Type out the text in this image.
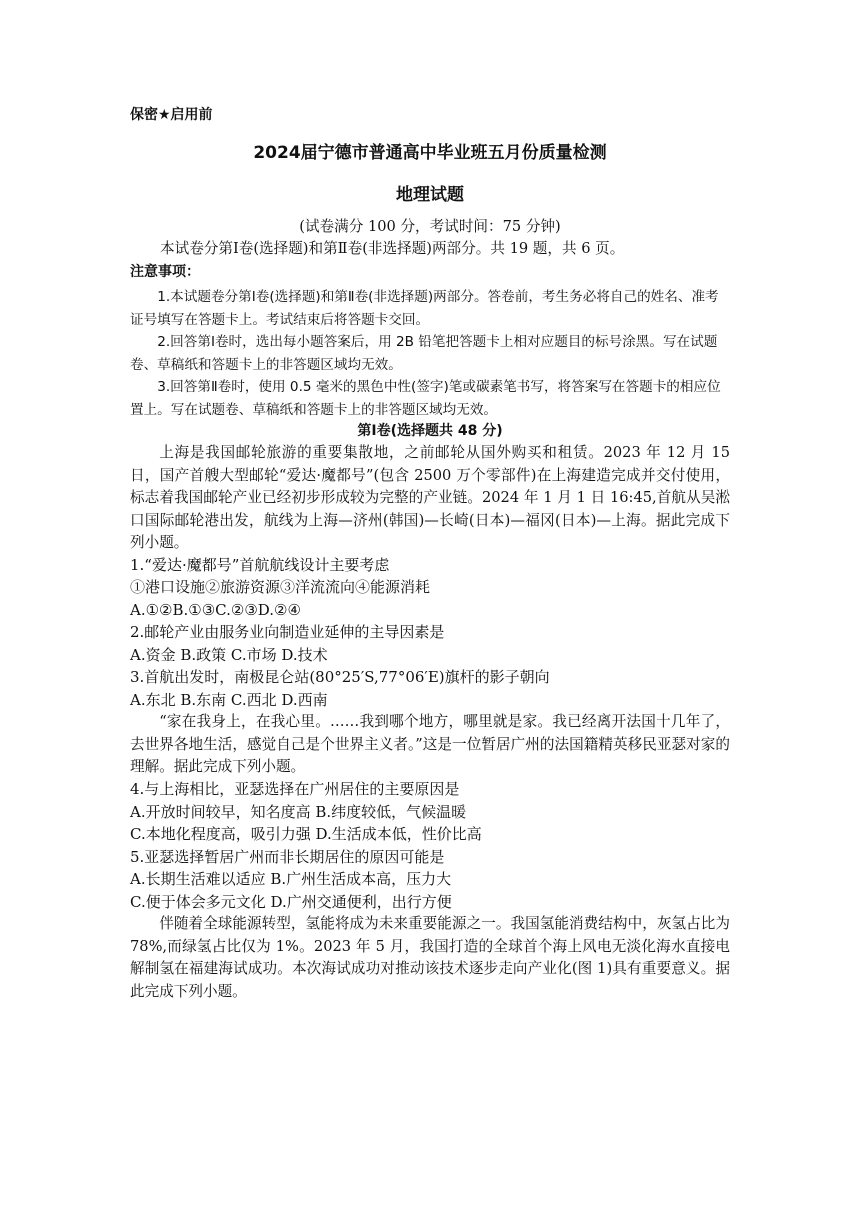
保密★启用前
2024届宁德市普通高中毕业班五月份质量检测
地理试题
(试卷满分 100 分，考试时间：75 分钟)
本试卷分第Ⅰ卷(选择题)和第Ⅱ卷(非选择题)两部分。共 19 题，共 6 页。
注意事项：

1.本试题卷分第Ⅰ卷(选择题)和第Ⅱ卷(非选择题)两部分。答卷前，考生务必将自己的姓名、准考证号填写在答题卡上。考试结束后将答题卡交回。

2.回答第Ⅰ卷时，选出每小题答案后，用 2B 铅笔把答题卡上相对应题目的标号涂黑。写在试题卷、草稿纸和答题卡上的非答题区域均无效。

3.回答第Ⅱ卷时，使用 0.5 毫米的黑色中性(签字)笔或碳素笔书写，将答案写在答题卡的相应位置上。写在试题卷、草稿纸和答题卡上的非答题区域均无效。

第Ⅰ卷(选择题共 48 分)

上海是我国邮轮旅游的重要集散地，之前邮轮从国外购买和租赁。2023 年 12 月 15 日，国产首艘大型邮轮“爱达·魔都号”(包含 2500 万个零部件)在上海建造完成并交付使用，标志着我国邮轮产业已经初步形成较为完整的产业链。2024 年 1 月 1 日 16:45,首航从吴淞口国际邮轮港出发，航线为上海—济州(韩国)—长崎(日本)—福冈(日本)—上海。据此完成下列小题。

1.“爱达·魔都号”首航航线设计主要考虑
①港口设施②旅游资源③洋流流向④能源消耗
A.①②B.①③C.②③D.②④
2.邮轮产业由服务业向制造业延伸的主导因素是
A.资金 B.政策 C.市场 D.技术
3.首航出发时，南极昆仑站(80°25′S,77°06′E)旗杆的影子朝向
A.东北 B.东南 C.西北 D.西南

“家在我身上，在我心里。……我到哪个地方，哪里就是家。我已经离开法国十几年了，去世界各地生活，感觉自己是个世界主义者。”这是一位暂居广州的法国籍精英移民亚瑟对家的理解。据此完成下列小题。

4.与上海相比，亚瑟选择在广州居住的主要原因是
A.开放时间较早，知名度高 B.纬度较低，气候温暖
C.本地化程度高，吸引力强 D.生活成本低，性价比高
5.亚瑟选择暂居广州而非长期居住的原因可能是
A.长期生活难以适应 B.广州生活成本高，压力大
C.便于体会多元文化 D.广州交通便利，出行方便

伴随着全球能源转型，氢能将成为未来重要能源之一。我国氢能消费结构中，灰氢占比为 78%,而绿氢占比仅为 1%。2023 年 5 月，我国打造的全球首个海上风电无淡化海水直接电解制氢在福建海试成功。本次海试成功对推动该技术逐步走向产业化(图 1)具有重要意义。据此完成下列小题。
